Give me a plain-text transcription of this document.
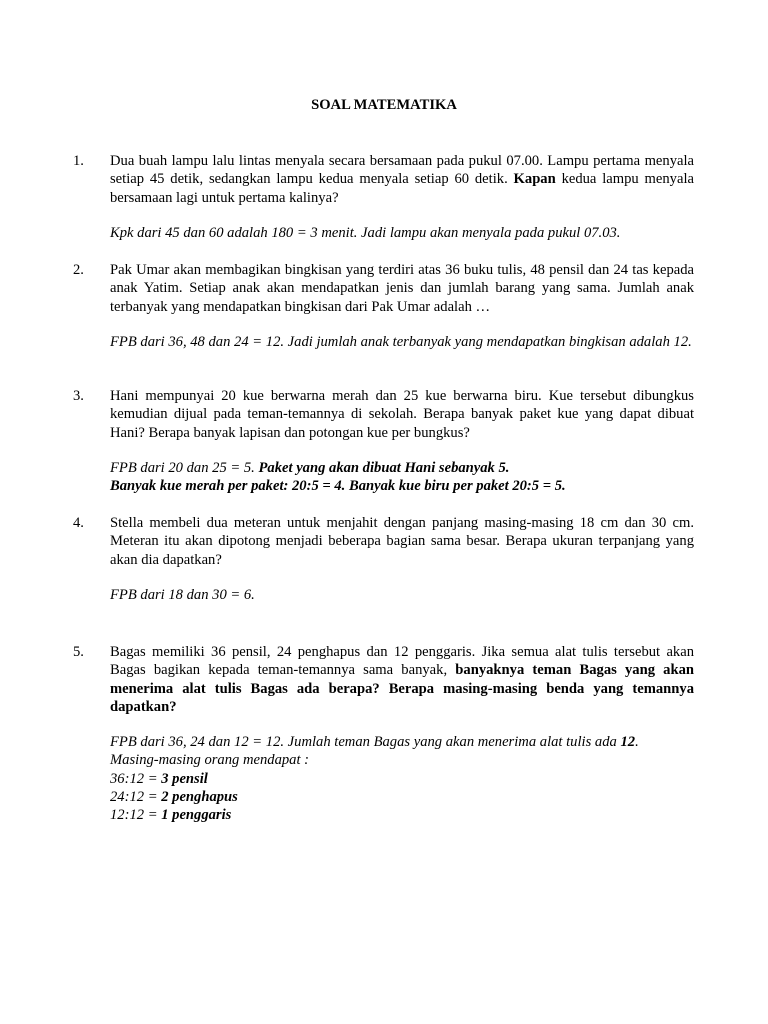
SOAL MATEMATIKA
1.	Dua buah lampu lalu lintas menyala secara bersamaan pada pukul 07.00. Lampu pertama menyala setiap 45 detik, sedangkan lampu kedua menyala setiap 60 detik. Kapan kedua lampu menyala bersamaan lagi untuk pertama kalinya?

Kpk dari 45 dan 60 adalah 180 = 3 menit. Jadi lampu akan menyala pada pukul 07.03.

2.	Pak Umar akan membagikan bingkisan yang terdiri atas 36 buku tulis, 48 pensil dan 24 tas kepada anak Yatim. Setiap anak akan mendapatkan jenis dan jumlah barang yang sama. Jumlah anak terbanyak yang mendapatkan bingkisan dari Pak Umar adalah …

FPB dari 36, 48 dan 24 = 12. Jadi jumlah anak terbanyak yang mendapatkan bingkisan adalah 12.

3.	Hani mempunyai 20 kue berwarna merah dan 25 kue berwarna biru. Kue tersebut dibungkus kemudian dijual pada teman-temannya di sekolah. Berapa banyak paket kue yang dapat dibuat Hani? Berapa banyak lapisan dan potongan kue per bungkus?

FPB dari 20 dan 25 = 5. Paket yang akan dibuat Hani sebanyak 5.
Banyak kue merah per paket: 20:5 = 4. Banyak kue biru per paket 20:5 = 5.

4.	Stella membeli dua meteran untuk menjahit dengan panjang masing-masing 18 cm dan 30 cm. Meteran itu akan dipotong menjadi beberapa bagian sama besar. Berapa ukuran terpanjang yang akan dia dapatkan?

FPB dari 18 dan 30 = 6.

5.	Bagas memiliki 36 pensil, 24 penghapus dan 12 penggaris. Jika semua alat tulis tersebut akan Bagas bagikan kepada teman-temannya sama banyak, banyaknya teman Bagas yang akan menerima alat tulis Bagas ada berapa? Berapa masing-masing benda yang temannya dapatkan?

FPB dari 36, 24 dan 12 = 12. Jumlah teman Bagas yang akan menerima alat tulis ada 12.
Masing-masing orang mendapat :
36:12 = 3 pensil
24:12 = 2 penghapus
12:12 = 1 penggaris
